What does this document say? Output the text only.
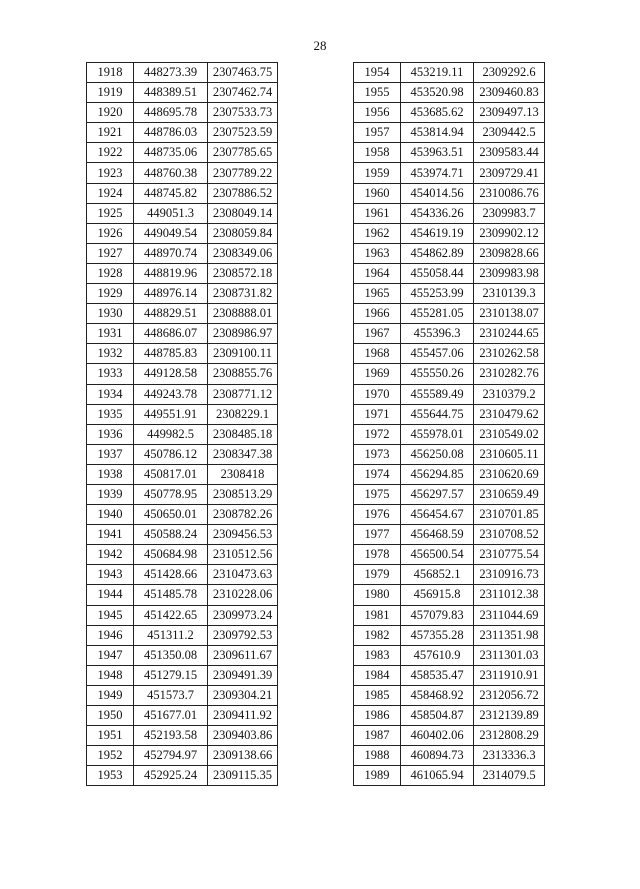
28
1918	448273.39	2307463.75
1919	448389.51	2307462.74
1920	448695.78	2307533.73
1921	448786.03	2307523.59
1922	448735.06	2307785.65
1923	448760.38	2307789.22
1924	448745.82	2307886.52
1925	449051.3	2308049.14
1926	449049.54	2308059.84
1927	448970.74	2308349.06
1928	448819.96	2308572.18
1929	448976.14	2308731.82
1930	448829.51	2308888.01
1931	448686.07	2308986.97
1932	448785.83	2309100.11
1933	449128.58	2308855.76
1934	449243.78	2308771.12
1935	449551.91	2308229.1
1936	449982.5	2308485.18
1937	450786.12	2308347.38
1938	450817.01	2308418
1939	450778.95	2308513.29
1940	450650.01	2308782.26
1941	450588.24	2309456.53
1942	450684.98	2310512.56
1943	451428.66	2310473.63
1944	451485.78	2310228.06
1945	451422.65	2309973.24
1946	451311.2	2309792.53
1947	451350.08	2309611.67
1948	451279.15	2309491.39
1949	451573.7	2309304.21
1950	451677.01	2309411.92
1951	452193.58	2309403.86
1952	452794.97	2309138.66
1953	452925.24	2309115.35
1954	453219.11	2309292.6
1955	453520.98	2309460.83
1956	453685.62	2309497.13
1957	453814.94	2309442.5
1958	453963.51	2309583.44
1959	453974.71	2309729.41
1960	454014.56	2310086.76
1961	454336.26	2309983.7
1962	454619.19	2309902.12
1963	454862.89	2309828.66
1964	455058.44	2309983.98
1965	455253.99	2310139.3
1966	455281.05	2310138.07
1967	455396.3	2310244.65
1968	455457.06	2310262.58
1969	455550.26	2310282.76
1970	455589.49	2310379.2
1971	455644.75	2310479.62
1972	455978.01	2310549.02
1973	456250.08	2310605.11
1974	456294.85	2310620.69
1975	456297.57	2310659.49
1976	456454.67	2310701.85
1977	456468.59	2310708.52
1978	456500.54	2310775.54
1979	456852.1	2310916.73
1980	456915.8	2311012.38
1981	457079.83	2311044.69
1982	457355.28	2311351.98
1983	457610.9	2311301.03
1984	458535.47	2311910.91
1985	458468.92	2312056.72
1986	458504.87	2312139.89
1987	460402.06	2312808.29
1988	460894.73	2313336.3
1989	461065.94	2314079.5
